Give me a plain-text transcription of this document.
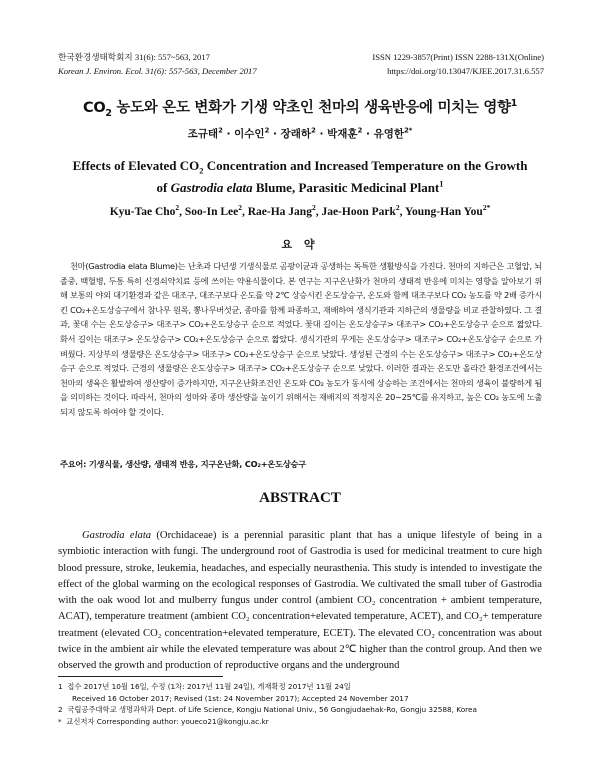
한국환경생태학회지 31(6): 557~563, 2017
Korean J. Environ. Ecol. 31(6): 557-563, December 2017
ISSN 1229-3857(Print) ISSN 2288-131X(Online)
https://doi.org/10.13047/KJEE.2017.31.6.557
$CO_2$ 농도와 온도 변화가 기생 약초인 천마의 생육반응에 미치는 영향$^1$
조규태$^2$ · 이수인$^2$ · 장래하$^2$ · 박재훈$^2$ · 유영한$^{2*}$
Effects of Elevated $CO_2$ Concentration and Increased Temperature on the Growth
of Gastrodia elata Blume, Parasitic Medicinal Plant$^1$
Kyu-Tae Cho$^2$, Soo-In Lee$^2$, Rae-Ha Jang$^2$, Jae-Hoon Park$^2$, Young-Han You$^{2*}$
요 약

천마(Gastrodia elata Blume)는 난초과 다년생 기생식물로 곰팡이균과 공생하는 독특한 생활방식을 가진다. 천마의 지하근은 고혈압, 뇌졸중, 백혈병, 두통 특히 신경쇠약치료 등에 쓰이는 약용식물이다. 본 연구는 지구온난화가 천마의 생태적 반응에 미치는 영향을 알아보기 위해 보통의 야외 대기환경과 같은 대조구, 대조구보다 온도를 약 2℃ 상승시킨 온도상승구, 온도와 함께 대조구보다 CO₂ 농도를 약 2배 증가시킨 CO₂+온도상승구에서 참나무 원목, 뽕나무버섯균, 종마를 함께 파종하고, 재배하여 생식기관과 지하근의 생물량을 비교 관찰하였다. 그 결과, 꽃대 수는 온도상승구> 대조구> CO₂+온도상승구 순으로 적었다. 꽃대 길이는 온도상승구> 대조구> CO₂+온도상승구 순으로 짧았다. 화서 길이는 대조구> 온도상승구> CO₂+온도상승구 순으로 짧았다. 생식기관의 무게는 온도상승구> 대조구> CO₂+온도상승구 순으로 가벼웠다. 지상부의 생물량은 온도상승구> 대조구> CO₂+온도상승구 순으로 낮았다. 생성된 근경의 수는 온도상승구> 대조구> CO₂+온도상승구 순으로 적었다. 근경의 생물량은 온도상승구> 대조구> CO₂+온도상승구 순으로 낮았다. 이러한 결과는 온도만 올라간 환경조건에서는 천마의 생육은 활발하여 생산량이 증가하지만, 지구온난화조건인 온도와 CO₂ 농도가 동시에 상승하는 조건에서는 천마의 생육이 불량하게 됨을 의미하는 것이다. 따라서, 천마의 성마와 종마 생산량을 높이기 위해서는 재배지의 적정지온 20~25℃를 유지하고, 높은 CO₂ 농도에 노출되지 않도록 하여야 할 것이다.

주요어: 기생식물, 생산량, 생태적 반응, 지구온난화, CO₂+온도상승구
ABSTRACT

Gastrodia elata (Orchidaceae) is a perennial parasitic plant that has a unique lifestyle of being in a symbiotic interaction with fungi. The underground root of Gastrodia is used for medicinal treatment to cure high blood pressure, stroke, leukemia, headaches, and especially neurasthenia. This study is intended to investigate the effect of the global warming on the ecological responses of Gastrodia. We cultivated the small tuber of Gastrodia with the oak wood lot and mulberry fungus under control (ambient CO₂ concentration + ambient temperature, ACAT), temperature treatment (ambient CO₂ concentration+elevated temperature, ACET), and CO₂+ temperature treatment (elevated CO₂ concentration+elevated temperature, ECET). The elevated CO₂ concentration was about twice in the ambient air while the elevated temperature was about 2℃ higher than the control group. And then we observed the growth and production of reproductive organs and the underground

1 접수 2017년 10월 16일, 수정 (1차: 2017년 11월 24일), 게재확정 2017년 11월 24일
Received 16 October 2017; Revised (1st: 24 November 2017); Accepted 24 November 2017
2 국립공주대학교 생명과학과 Dept. of Life Science, Kongju National Univ., 56 Gongjudaehak-Ro, Gongju 32588, Korea
* 교신저자 Corresponding author: youeco21@kongju.ac.kr
